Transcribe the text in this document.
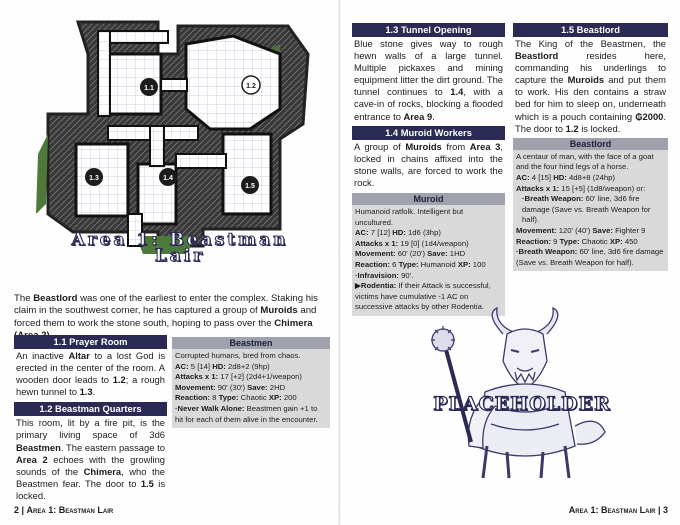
1.1	1.2
1.3	1.4
1.5
Area 1: Beastman Lair

The Beastlord was one of the earliest to enter the complex. Staking his claim in the southwest corner, he has captured a group of Muroids and forced them to work the stone south, hoping to pass over the Chimera

1.1 Prayer Room

An inactive Altar to a lost God is erected in the center of the room. A wooden door leads to 1.2; a rough hewn tunnel to 1.3.

1.2 Beastman Quarters

This room, lit by a fire pit, is the primary living space of 3d6 Beastmen. The eastern passage to Area 2 echoes with the growling sounds of the Chimera, who the Beastmen fear. The door to 1.5 is locked.

Beastmen

Corrupted humans, bred from chaos.

AC: 5 [14] HD: 2d8+2 (9hp)

Attacks x 1: 17 [+2] (2d4+1/weapon)

Movement: 90' (30') Save: 2HD

Reaction: 8 Type: Chaotic XP: 200

·Never Walk Alone: Beastmen gain +1 to hit for each of them alive in the encounter.

2 | Area 1: Beastman Lair
1.3 Tunnel Opening

Blue stone gives way to rough hewn walls of a large tunnel. Multiple pickaxes and mining equipment litter the dirt ground. The tunnel continues to 1.4, with a cave-in of rocks, blocking a flooded entrance to Area 9.

1.4 Muroid Workers

A group of Muroids from Area 3, locked in chains affixed into the stone walls, are forced to work the rock.

Muroid

Humanoid ratfolk. Intelligent but uncultured.

AC: 7 [12] HD: 1d6 (3hp)

Attacks x 1: 19 [0] (1d4/weapon)

Movement: 60' (20') Save: 1HD

Reaction: 6 Type: Humanoid XP: 100

·Infravision: 90'.

▶Rodentia: If their Attack is successful, victims have cumulative -1 AC on successive attacks by other Rodentia.

1.5 Beastlord

The King of the Beastmen, the Beastlord resides here, commanding his underlings to capture the Muroids and put them to work. His den contains a straw bed for him to sleep on, underneath which is a pouch containing ₲2000. The door to 1.2 is locked.

Beastlord

A centaur of man, with the face of a goat and the four hind legs of a horse.

AC: 4 [15] HD: 4d8+8 (24hp)

Attacks x 1: 15 [+5] (1d8/weapon) or:

·Breath Weapon: 60' line, 3d6 fire damage (Save vs. Breath Weapon for half).

Movement: 120' (40') Save: Fighter 9

Reaction: 9 Type: Chaotic XP: 450

·Breath Weapon: 60' line, 3d6 fire damage (Save vs. Breath Weapon for half).

Area 1: Beastman Lair | 3
PLACEHOLDER
